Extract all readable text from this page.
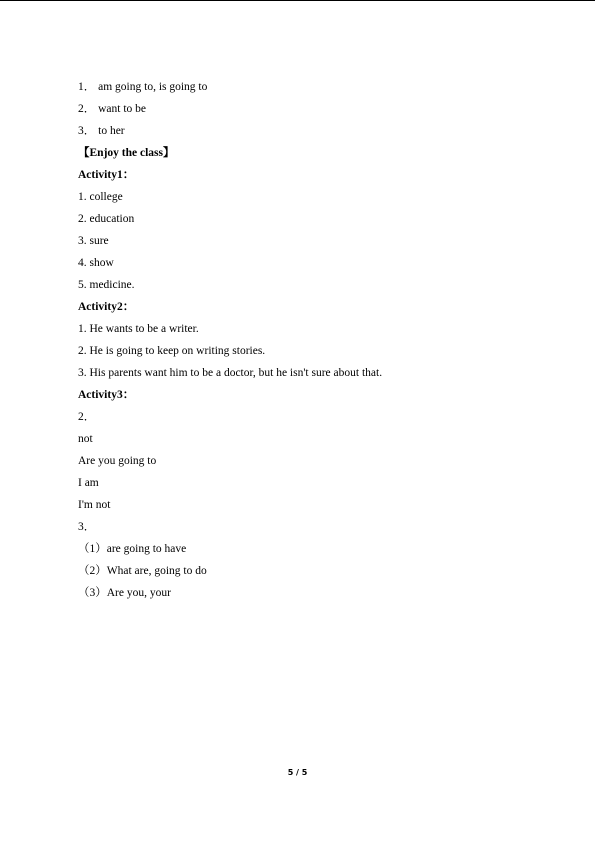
1． am going to, is going to
2． want to be
3． to her
【Enjoy the class】
Activity1：
1. college
2. education
3. sure
4. show
5. medicine.
Activity2：
1. He wants to be a writer.
2. He is going to keep on writing stories.
3. His parents want him to be a doctor, but he isn't sure about that.
Activity3：
2．
not
Are you going to
I am
I'm not
3．
（1）are going to have
（2）What are, going to do
（3）Are you, your
5 / 5
